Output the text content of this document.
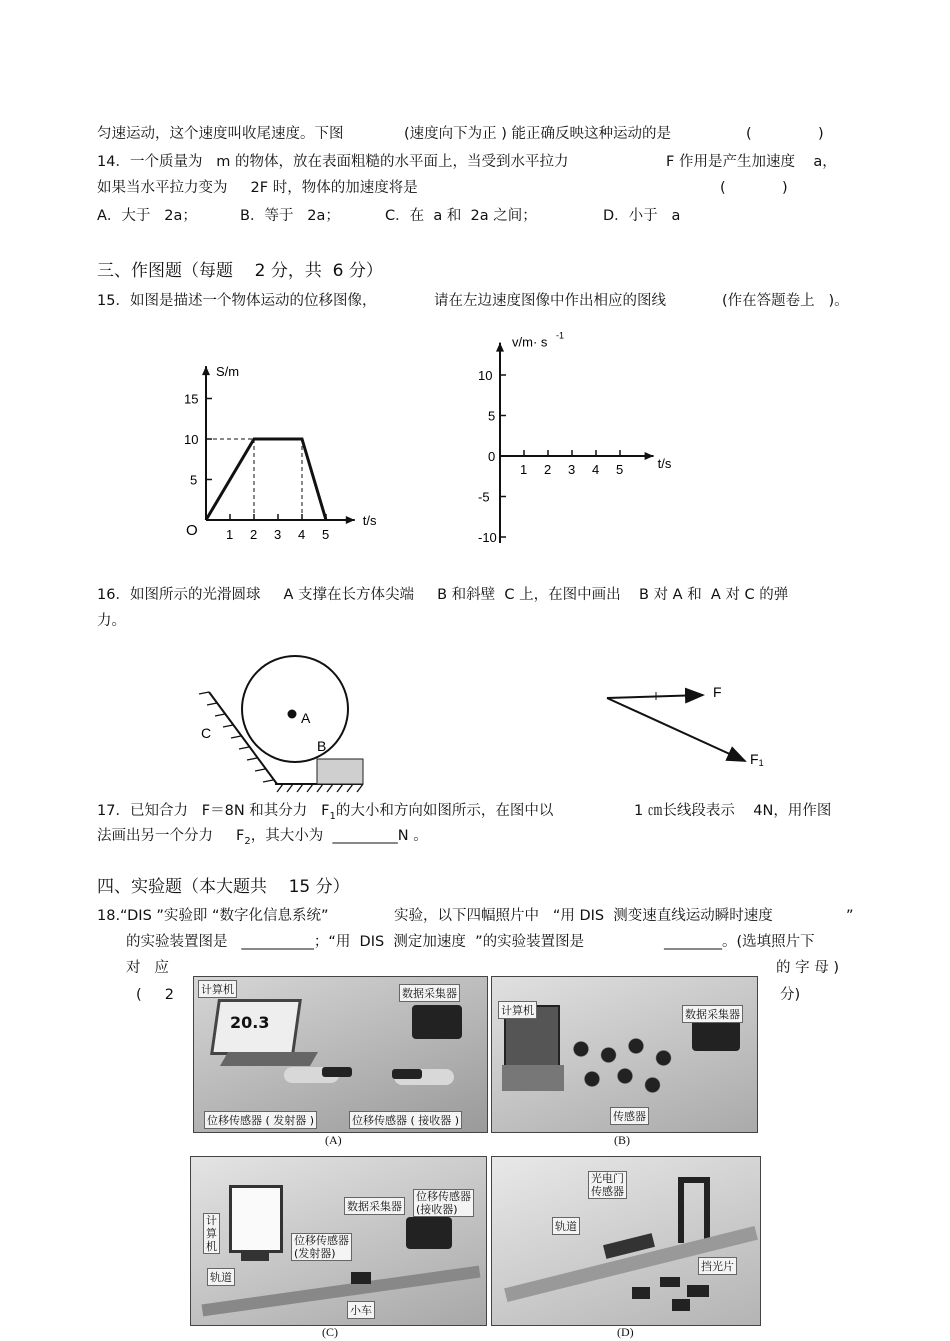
匀速运动，这个速度叫收尾速度。下图	(速度向下为正 ) 能正确反映这种运动的是	(	)
14．一个质量为   m 的物体，放在表面粗糙的水平面上，当受到水平拉力	F 作用是产生加速度    a，
如果当水平拉力变为     2F 时，物体的加速度将是	(	)
A．大于   2a；	B．等于   2a；	C．在  a 和  2a 之间；	D．小于   a
三、作图题（每题    2 分，共  6 分）
15．如图是描述一个物体运动的位移图像，	请在左边速度图像中作出相应的图线	(作在答题卷上   )。
1 2 3 4 5
5
10
15
S/m
t/s
O
1 2 3 4 5
10
5
0
-5
-10
v/m· s -1
t/s
16．如图所示的光滑圆球     A 支撑在长方体尖端     B 和斜壁  C 上，在图中画出    B 对 A 和  A 对 C 的弹
力。
A
B
C
F
F1
17．已知合力   F＝8N 和其分力   $F_1$的大小和方向如图所示，在图中以	1 ㎝长线段表示    4N，用作图
法画出另一个分力     $F_2$，其大小为  _________N 。
四、实验题（本大题共    15 分）
18.“DIS ”实验即 “数字化信息系统”	实验，以下四幅照片中   “用 DIS  测变速直线运动瞬时速度	”
的实验装置图是   __________；“用  DIS  测定加速度  ”的实验装置图是	________。(选填照片下
对   应	的 字 母 )
(     2	分)
20.3
计算机	数据采集器
位移传感器 ( 发射器 )	位移传感器 ( 接收器 )
(A)
计算机	数据采集器
传感器
(B)
计
算
机
数据采集器
位移传感器
(接收器)
位移传感器
(发射器)
轨道
小车
(C)
光电门
传感器
轨道
挡光片
(D)
